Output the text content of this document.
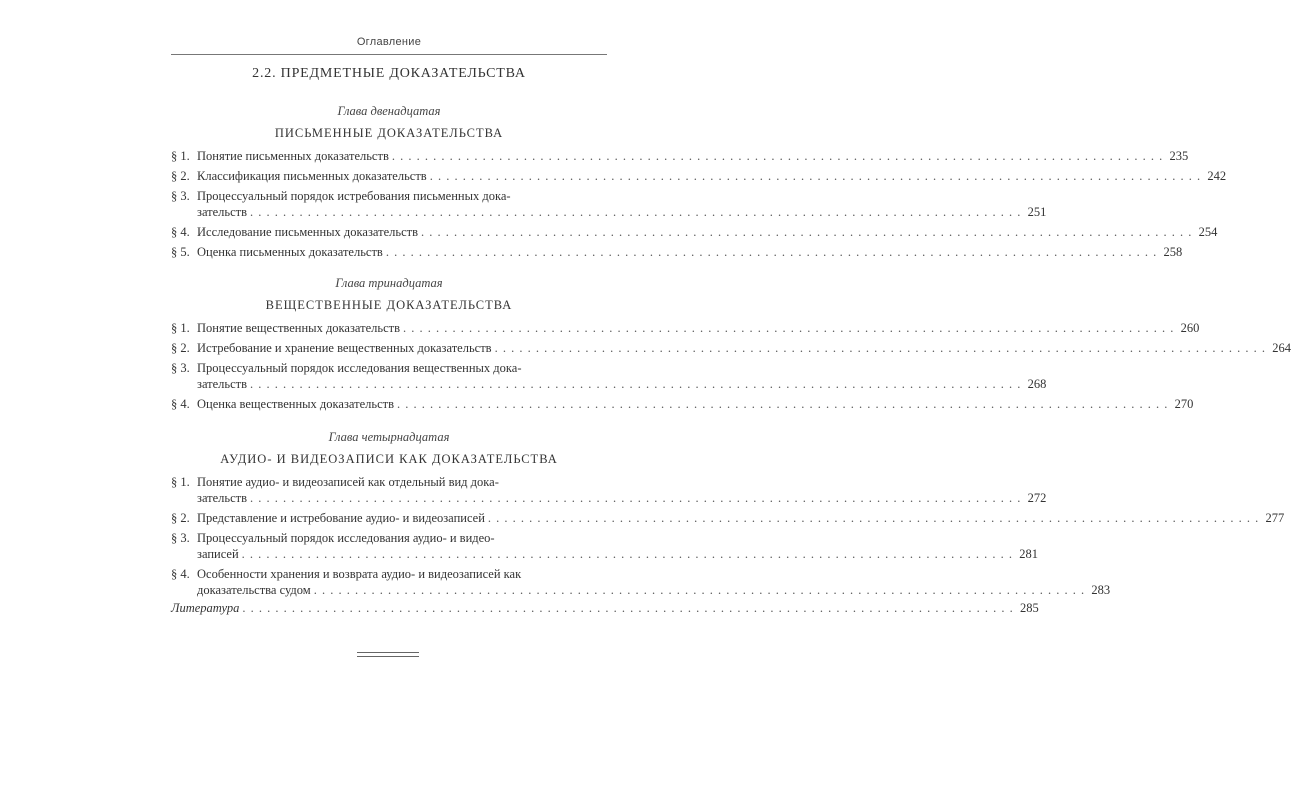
Оглавление
2.2. ПРЕДМЕТНЫЕ ДОКАЗАТЕЛЬСТВА
Глава двенадцатая
ПИСЬМЕННЫЕ ДОКАЗАТЕЛЬСТВА
§ 1. Понятие письменных доказательств . . .	235
§ 2. Классификация письменных доказательств . . .	242
§ 3. Процессуальный порядок истребования письменных дока-
зательств . . .	251
§ 4. Исследование письменных доказательств . . .	254
§ 5. Оценка письменных доказательств . . .	258
Глава тринадцатая
ВЕЩЕСТВЕННЫЕ ДОКАЗАТЕЛЬСТВА
§ 1. Понятие вещественных доказательств . . .	260
§ 2. Истребование и хранение вещественных доказательств . . .	264
§ 3. Процессуальный порядок исследования вещественных дока-
зательств . . .	268
§ 4. Оценка вещественных доказательств . . .	270
Глава четырнадцатая
АУДИО- И ВИДЕОЗАПИСИ КАК ДОКАЗАТЕЛЬСТВА
§ 1. Понятие аудио- и видеозаписей как отдельный вид дока-
зательств . . .	272
§ 2. Представление и истребование аудио- и видеозаписей . . .	277
§ 3. Процессуальный порядок исследования аудио- и видео-
записей . . .	281
§ 4. Особенности хранения и возврата аудио- и видеозаписей как
доказательства судом . . .	283
Литература . . .	285
